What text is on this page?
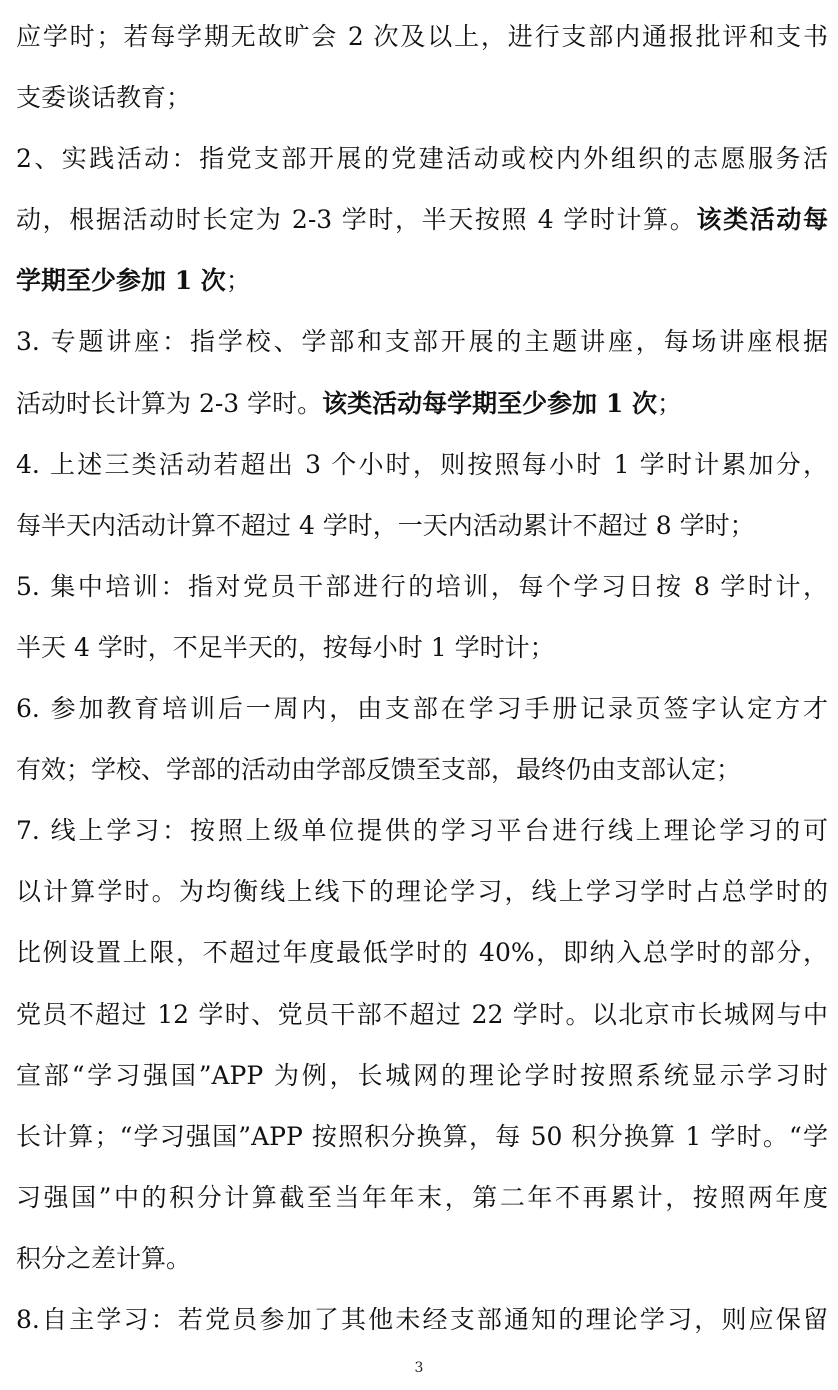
应学时；若每学期无故旷会 2 次及以上，进行支部内通报批评和支书
支委谈话教育；
2、实践活动：指党支部开展的党建活动或校内外组织的志愿服务活
动，根据活动时长定为 2-3 学时，半天按照 4 学时计算。该类活动每
学期至少参加 1 次；
3. 专题讲座：指学校、学部和支部开展的主题讲座，每场讲座根据
活动时长计算为 2-3 学时。该类活动每学期至少参加 1 次；
4. 上述三类活动若超出 3 个小时，则按照每小时 1 学时计累加分，
每半天内活动计算不超过 4 学时，一天内活动累计不超过 8 学时；
5. 集中培训：指对党员干部进行的培训，每个学习日按 8 学时计，
半天 4 学时，不足半天的，按每小时 1 学时计；
6. 参加教育培训后一周内，由支部在学习手册记录页签字认定方才
有效；学校、学部的活动由学部反馈至支部，最终仍由支部认定；
7. 线上学习：按照上级单位提供的学习平台进行线上理论学习的可
以计算学时。为均衡线上线下的理论学习，线上学习学时占总学时的
比例设置上限，不超过年度最低学时的 40%，即纳入总学时的部分，
党员不超过 12 学时、党员干部不超过 22 学时。以北京市长城网与中
宣部“学习强国”APP 为例，长城网的理论学时按照系统显示学习时
长计算；“学习强国”APP 按照积分换算，每 50 积分换算 1 学时。“学
习强国”中的积分计算截至当年年末，第二年不再累计，按照两年度
积分之差计算。
8.自主学习：若党员参加了其他未经支部通知的理论学习，则应保留
3
